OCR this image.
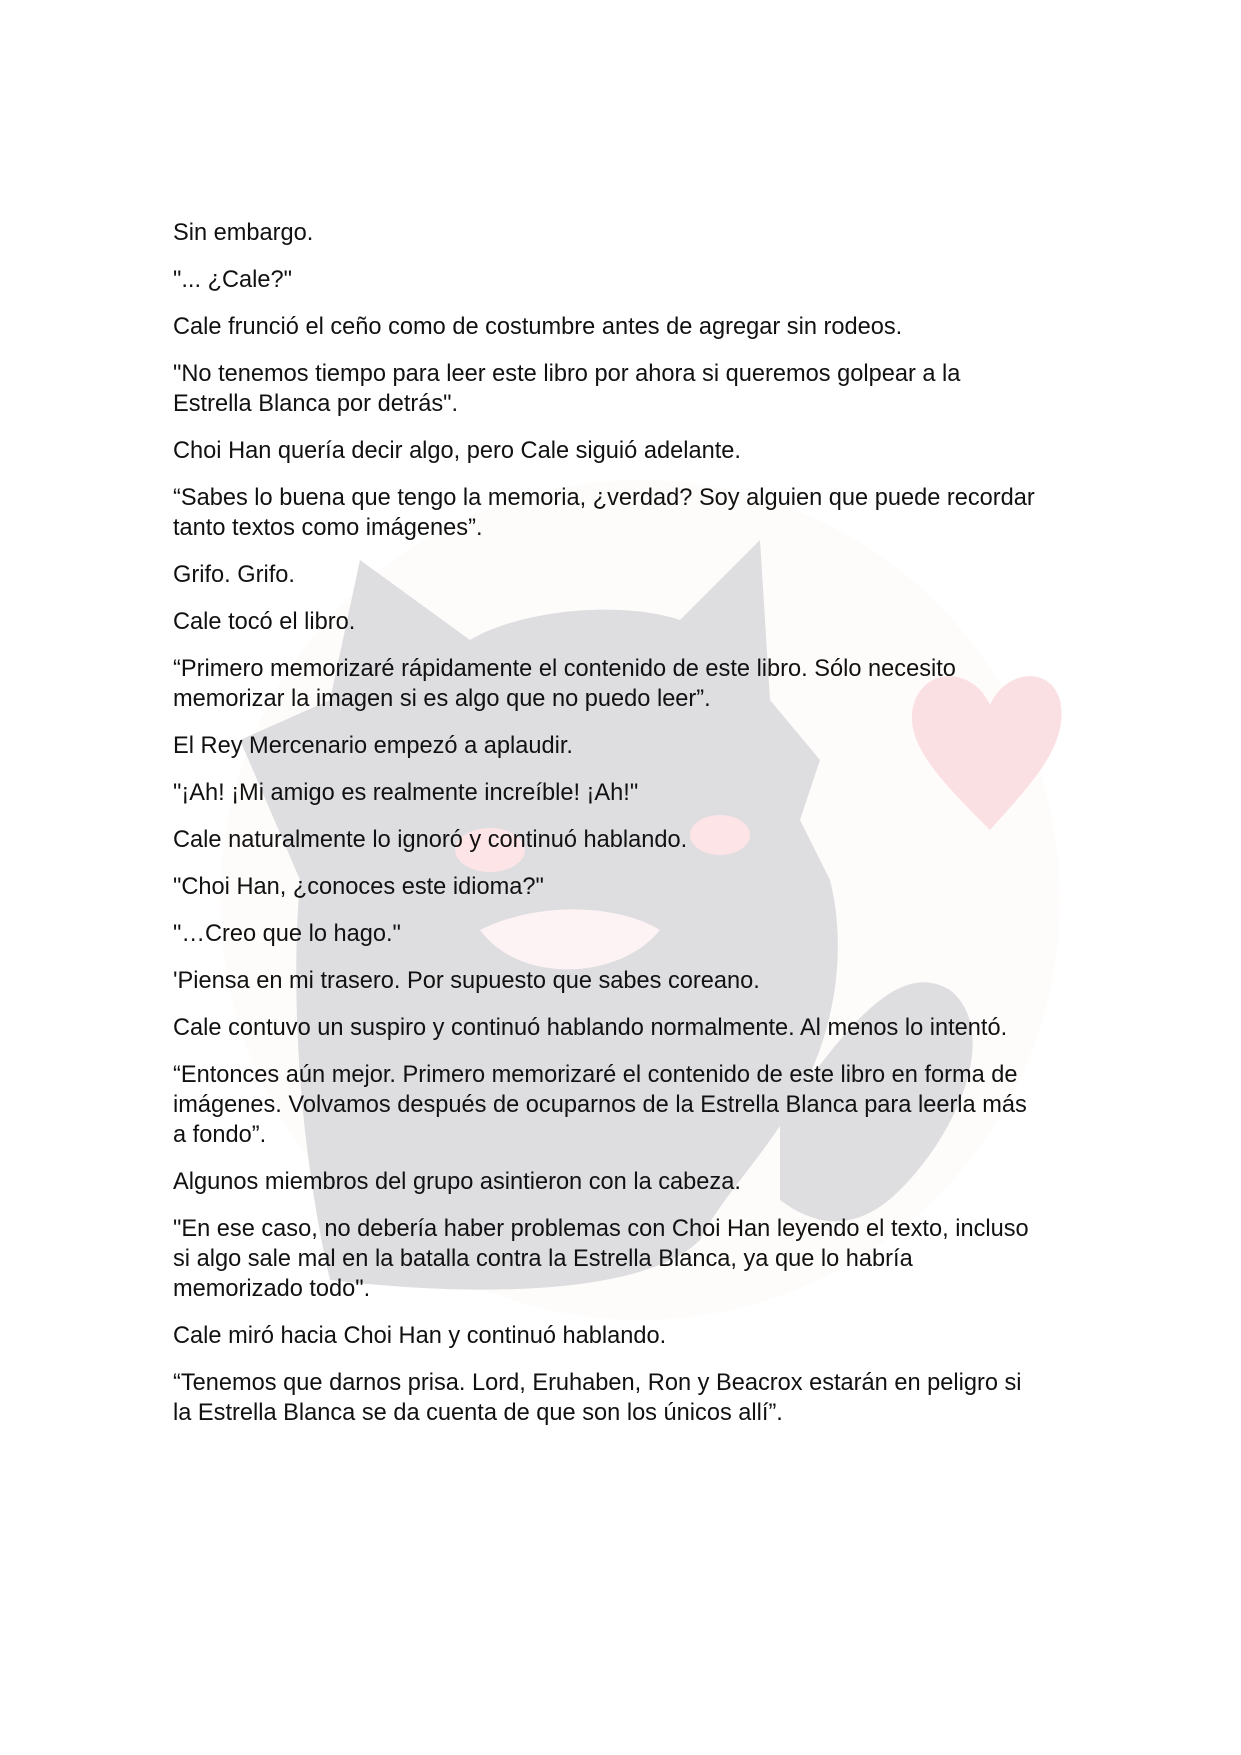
Sin embargo.

"... ¿Cale?"

Cale frunció el ceño como de costumbre antes de agregar sin rodeos.

"No tenemos tiempo para leer este libro por ahora si queremos golpear a la
Estrella Blanca por detrás".

Choi Han quería decir algo, pero Cale siguió adelante.

“Sabes lo buena que tengo la memoria, ¿verdad? Soy alguien que puede recordar
tanto textos como imágenes”.

Grifo. Grifo.

Cale tocó el libro.

“Primero memorizaré rápidamente el contenido de este libro. Sólo necesito
memorizar la imagen si es algo que no puedo leer”.

El Rey Mercenario empezó a aplaudir.

"¡Ah! ¡Mi amigo es realmente increíble! ¡Ah!"

Cale naturalmente lo ignoró y continuó hablando.

"Choi Han, ¿conoces este idioma?"

"…Creo que lo hago."

'Piensa en mi trasero. Por supuesto que sabes coreano.

Cale contuvo un suspiro y continuó hablando normalmente. Al menos lo intentó.

“Entonces aún mejor. Primero memorizaré el contenido de este libro en forma de
imágenes. Volvamos después de ocuparnos de la Estrella Blanca para leerla más
a fondo”.

Algunos miembros del grupo asintieron con la cabeza.

"En ese caso, no debería haber problemas con Choi Han leyendo el texto, incluso
si algo sale mal en la batalla contra la Estrella Blanca, ya que lo habría
memorizado todo".

Cale miró hacia Choi Han y continuó hablando.

“Tenemos que darnos prisa. Lord, Eruhaben, Ron y Beacrox estarán en peligro si
la Estrella Blanca se da cuenta de que son los únicos allí”.
